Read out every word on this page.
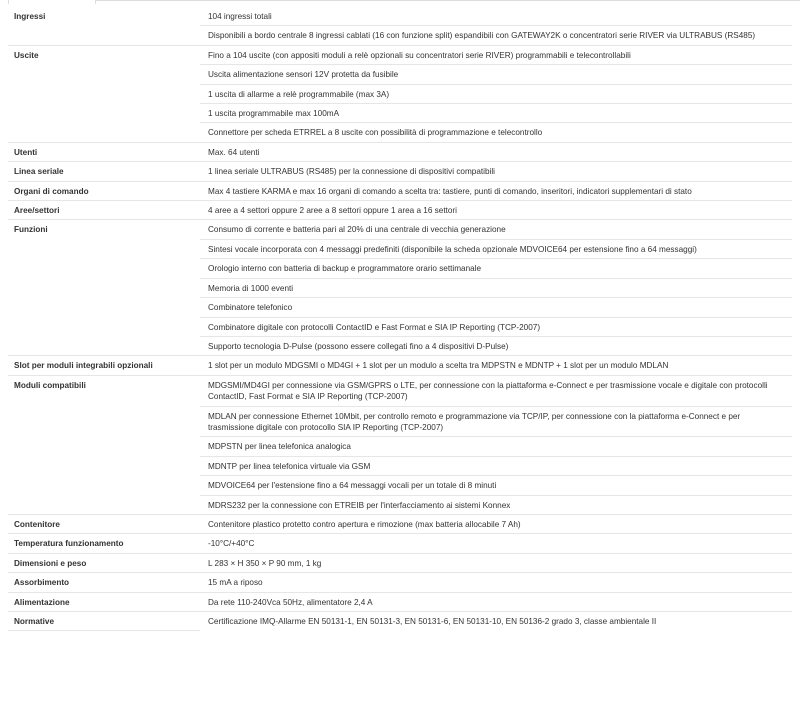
Ingressi	104 ingressi totali
	Disponibili a bordo centrale 8 ingressi cablati (16 con funzione split) espandibili con GATEWAY2K o concentratori serie RIVER via ULTRABUS (RS485)
Uscite	Fino a 104 uscite (con appositi moduli a relè opzionali su concentratori serie RIVER) programmabili e telecontrollabili
	Uscita alimentazione sensori 12V protetta da fusibile
	1 uscita di allarme a relè programmabile (max 3A)
	1 uscita programmabile max 100mA
	Connettore per scheda ETRREL a 8 uscite con possibilità di programmazione e telecontrollo
Utenti	Max. 64 utenti
Linea seriale	1 linea seriale ULTRABUS (RS485) per la connessione di dispositivi compatibili
Organi di comando	Max 4 tastiere KARMA e max 16 organi di comando a scelta tra: tastiere, punti di comando, inseritori, indicatori supplementari di stato
Aree/settori	4 aree a 4 settori oppure 2 aree a 8 settori oppure 1 area a 16 settori
Funzioni	Consumo di corrente e batteria pari al 20% di una centrale di vecchia generazione
	Sintesi vocale incorporata con 4 messaggi predefiniti (disponibile la scheda opzionale MDVOICE64 per estensione fino a 64 messaggi)
	Orologio interno con batteria di backup e programmatore orario settimanale
	Memoria di 1000 eventi
	Combinatore telefonico
	Combinatore digitale con protocolli ContactID e Fast Format e SIA IP Reporting (TCP-2007)
	Supporto tecnologia D-Pulse (possono essere collegati fino a 4 dispositivi D-Pulse)
Slot per moduli integrabili opzionali	1 slot per un modulo MDGSMI o MD4GI + 1 slot per un modulo a scelta tra MDPSTN e MDNTP + 1 slot per un modulo MDLAN
Moduli compatibili	MDGSMI/MD4GI per connessione via GSM/GPRS o LTE, per connessione con la piattaforma e-Connect e per trasmissione vocale e digitale con protocolli ContactID, Fast Format e SIA IP Reporting (TCP-2007)
	MDLAN per connessione Ethernet 10Mbit, per controllo remoto e programmazione via TCP/IP, per connessione con la piattaforma e-Connect e per trasmissione digitale con protocollo SIA IP Reporting (TCP-2007)
	MDPSTN per linea telefonica analogica
	MDNTP per linea telefonica virtuale via GSM
	MDVOICE64 per l'estensione fino a 64 messaggi vocali per un totale di 8 minuti
	MDRS232 per la connessione con ETREIB per l'interfacciamento ai sistemi Konnex
Contenitore	Contenitore plastico protetto contro apertura e rimozione (max batteria allocabile 7 Ah)
Temperatura funzionamento	-10°C/+40°C
Dimensioni e peso	L 283 × H 350 × P 90 mm, 1 kg
Assorbimento	15 mA a riposo
Alimentazione	Da rete 110-240Vca 50Hz, alimentatore 2,4 A
Normative	Certificazione IMQ-Allarme EN 50131-1, EN 50131-3, EN 50131-6, EN 50131-10, EN 50136-2 grado 3, classe ambientale II
